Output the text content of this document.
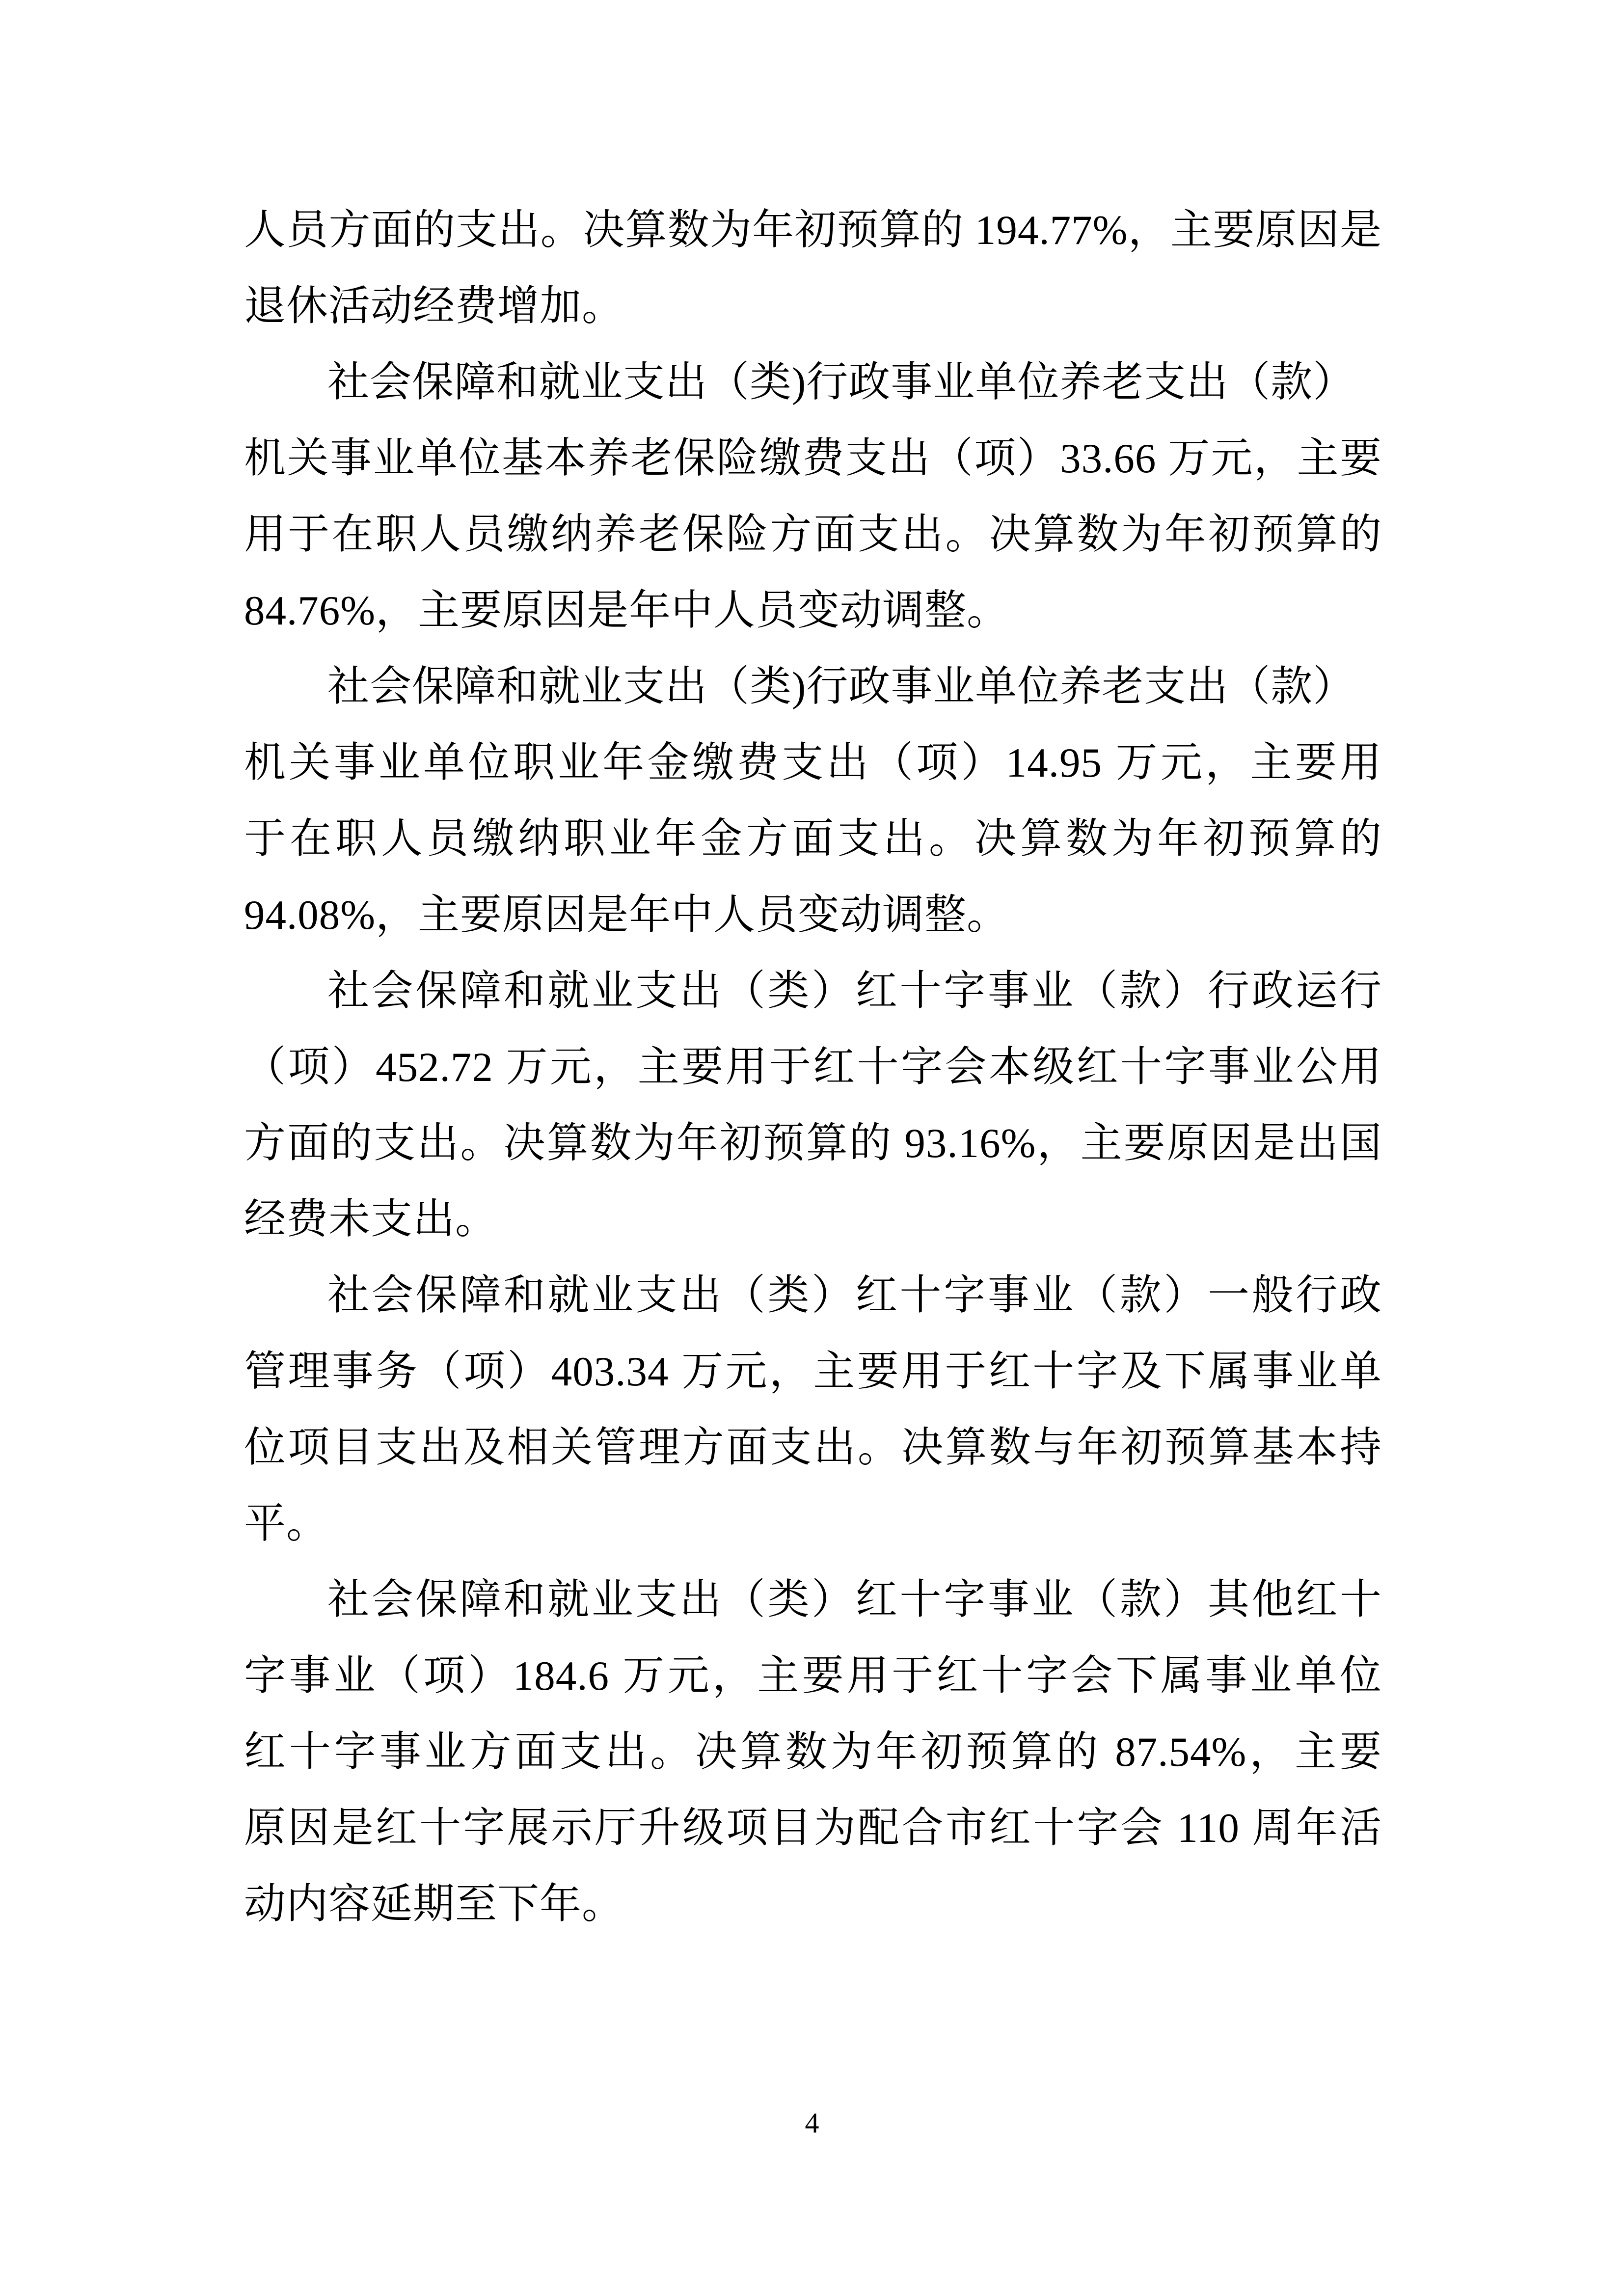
人员方面的支出。决算数为年初预算的 194.77%，主要原因是
退休活动经费增加。
社会保障和就业支出（类)行政事业单位养老支出（款）
机关事业单位基本养老保险缴费支出（项）33.66 万元，主要
用于在职人员缴纳养老保险方面支出。决算数为年初预算的
84.76%，主要原因是年中人员变动调整。
社会保障和就业支出（类)行政事业单位养老支出（款）
机关事业单位职业年金缴费支出（项）14.95 万元，主要用
于在职人员缴纳职业年金方面支出。决算数为年初预算的
94.08%，主要原因是年中人员变动调整。
社会保障和就业支出（类）红十字事业（款）行政运行
（项）452.72 万元，主要用于红十字会本级红十字事业公用
方面的支出。决算数为年初预算的 93.16%，主要原因是出国
经费未支出。
社会保障和就业支出（类）红十字事业（款）一般行政
管理事务（项）403.34 万元，主要用于红十字及下属事业单
位项目支出及相关管理方面支出。决算数与年初预算基本持
平。
社会保障和就业支出（类）红十字事业（款）其他红十
字事业（项）184.6 万元，主要用于红十字会下属事业单位
红十字事业方面支出。决算数为年初预算的 87.54%，主要
原因是红十字展示厅升级项目为配合市红十字会 110 周年活
动内容延期至下年。
4
